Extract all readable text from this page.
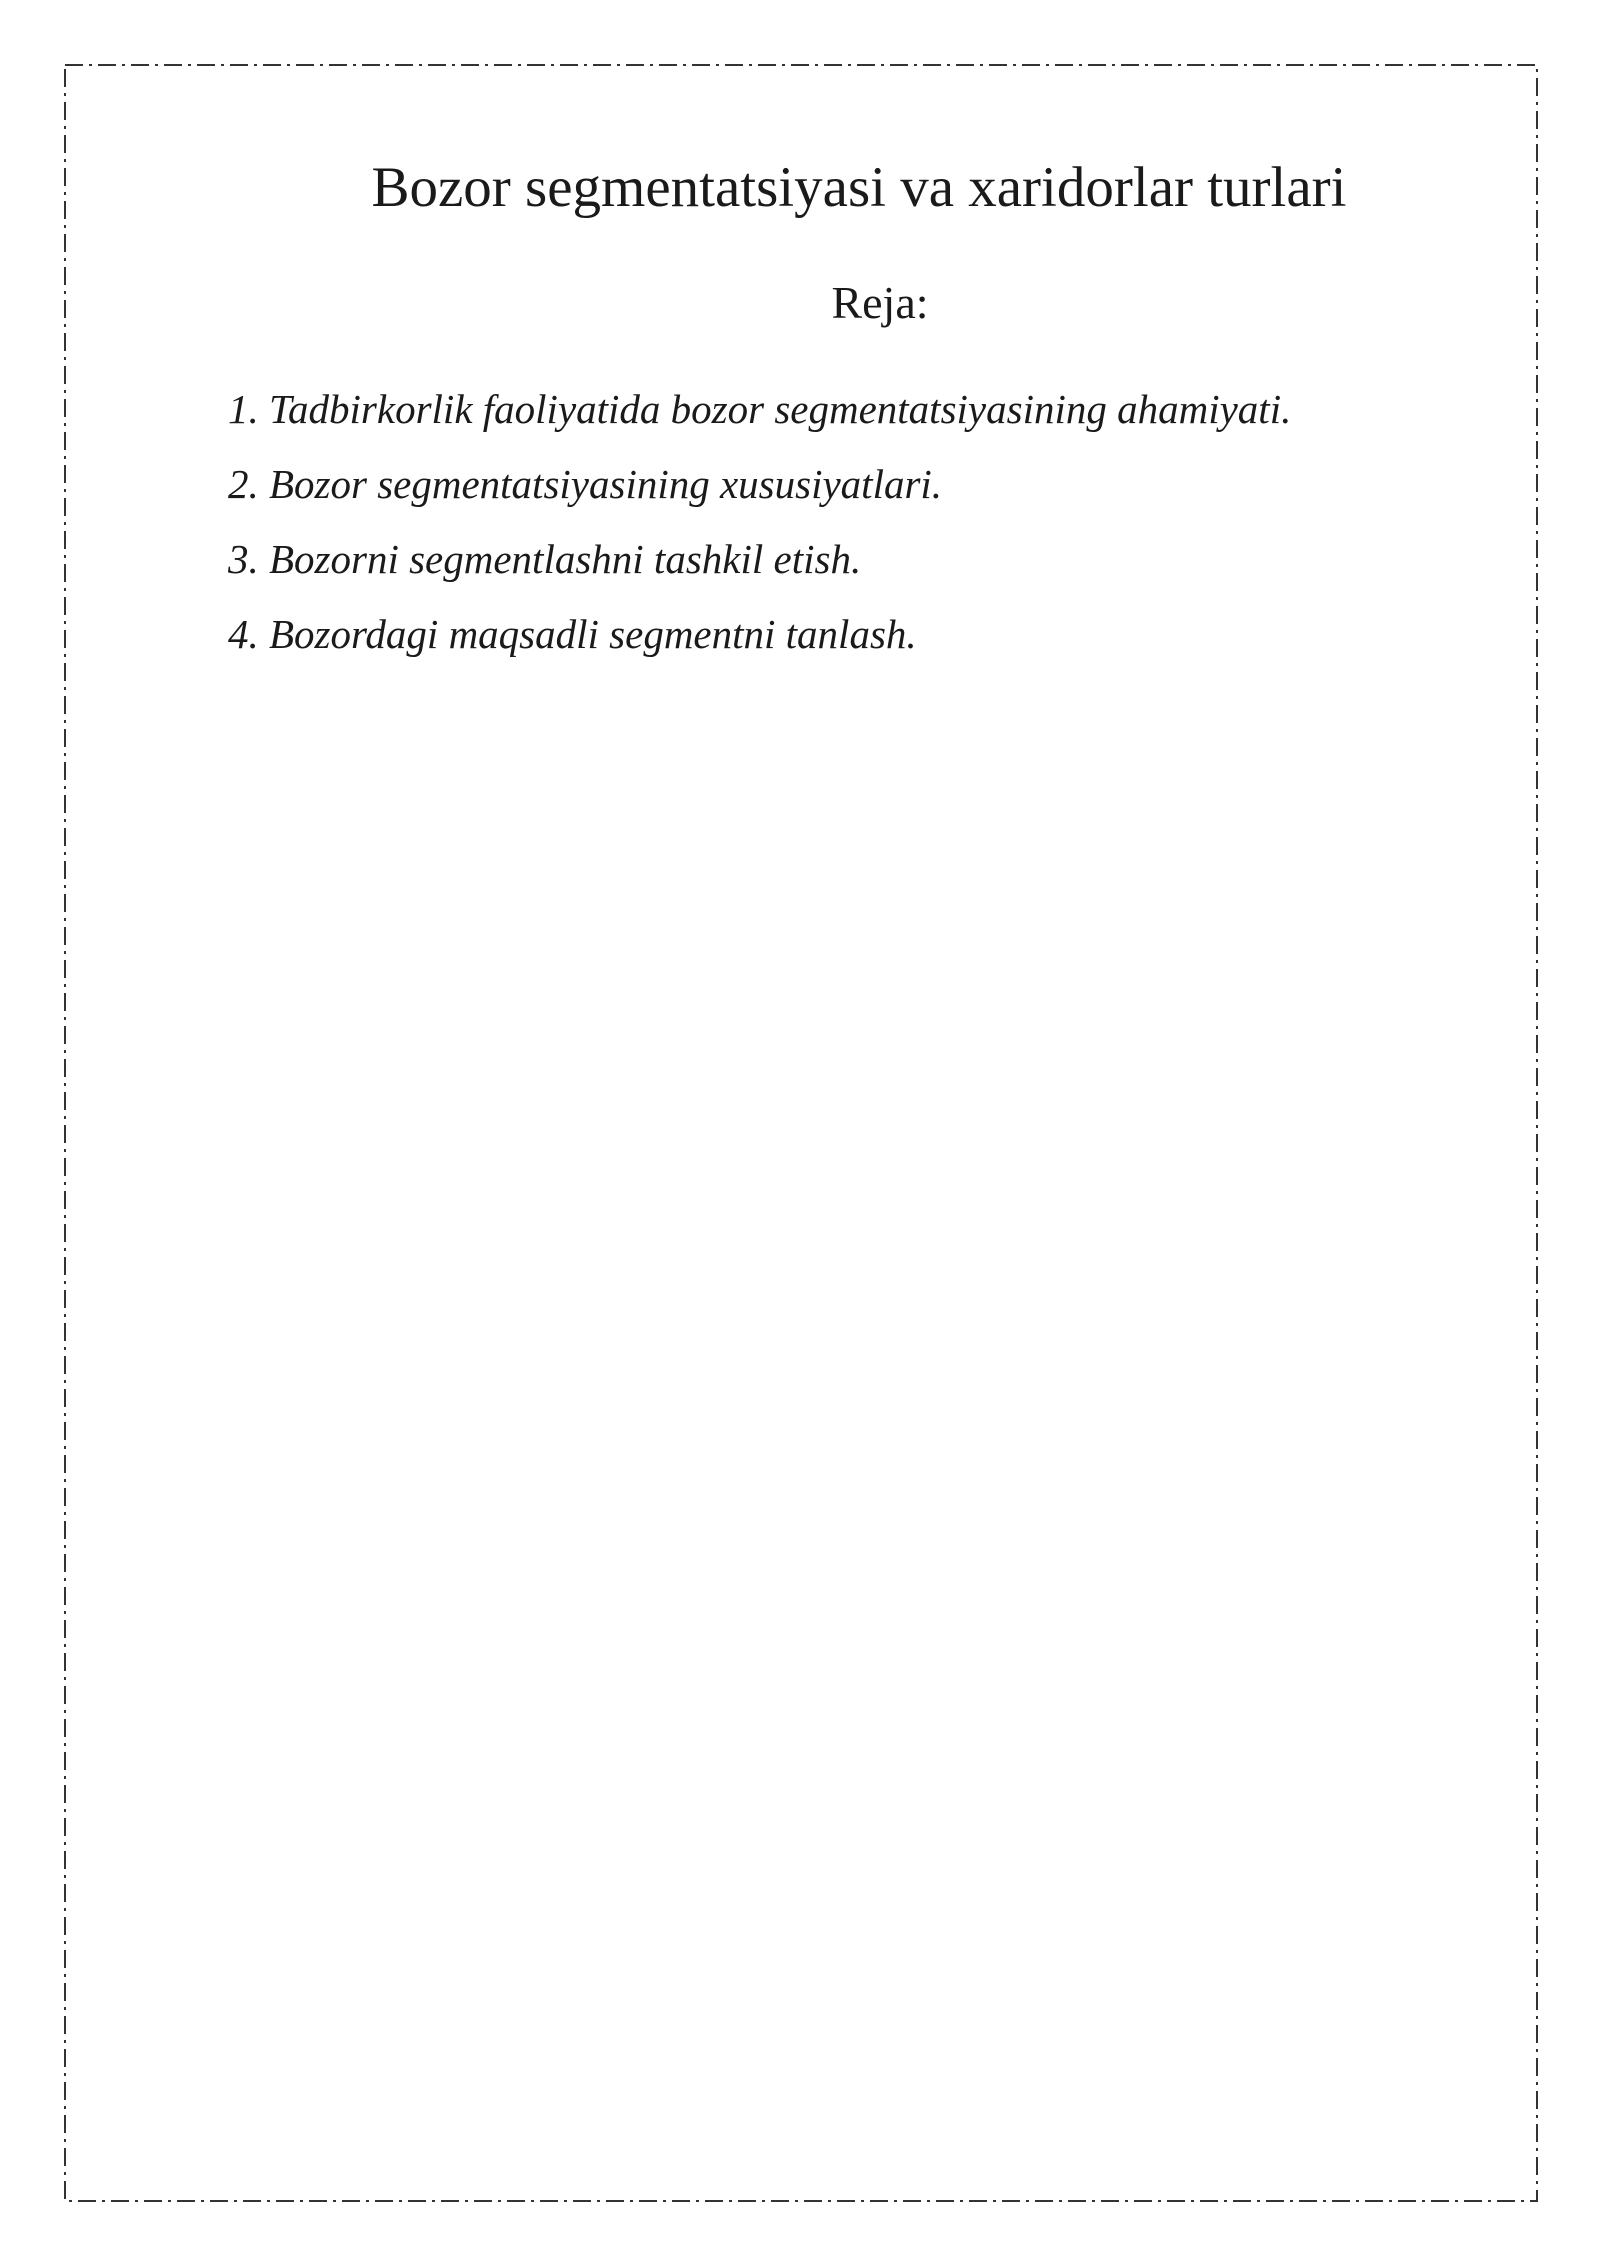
Bozor segmentatsiyasi va xaridorlar turlari
Reja:
1. Tadbirkorlik faoliyatida bozor segmentatsiyasining ahamiyati.
2. Bozor segmentatsiyasining xususiyatlari.
3. Bozorni segmentlashni tashkil etish.
4. Bozordagi maqsadli segmentni tanlash.
